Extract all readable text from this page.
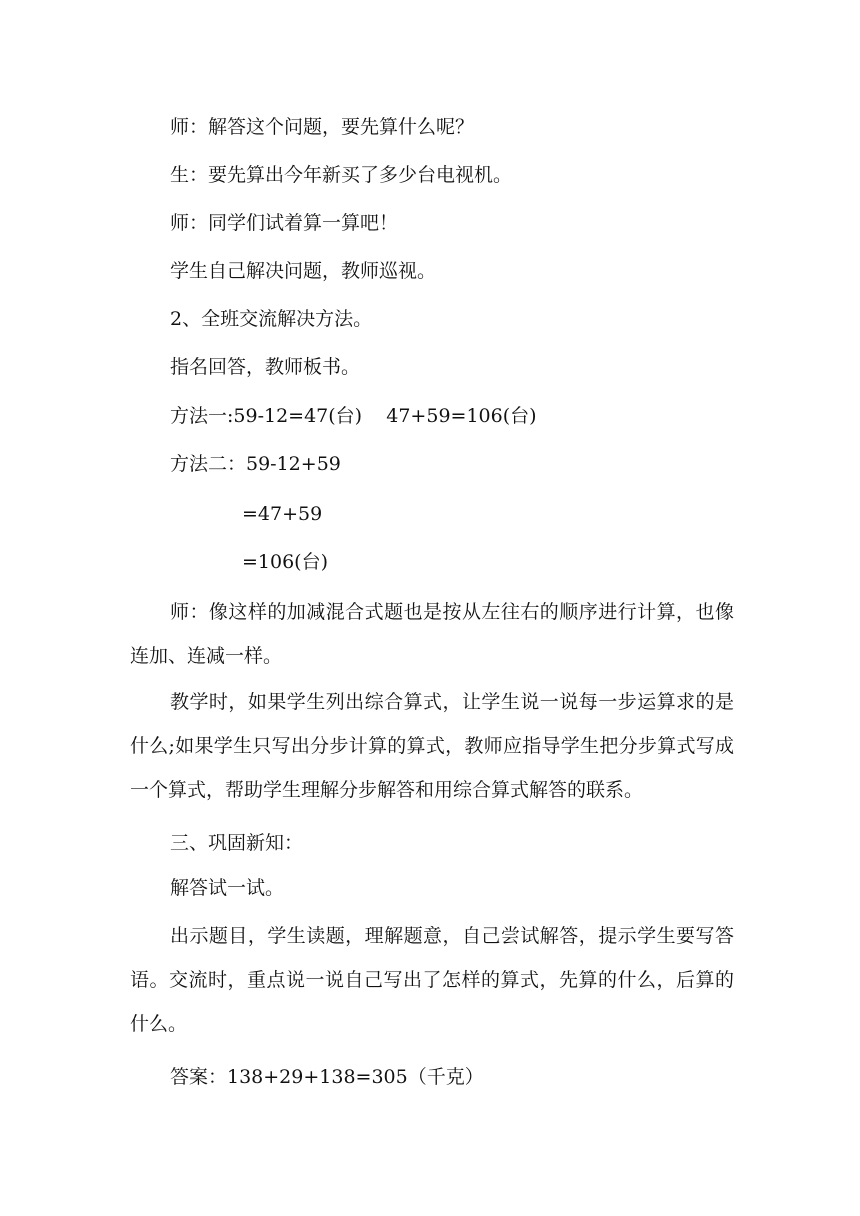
师：解答这个问题，要先算什么呢？
生：要先算出今年新买了多少台电视机。
师：同学们试着算一算吧！
学生自己解决问题，教师巡视。
2、全班交流解决方法。
指名回答，教师板书。
方法一:59-12=47(台)    47+59=106(台)
方法二：59-12+59
=47+59
=106(台)
师：像这样的加减混合式题也是按从左往右的顺序进行计算，也像连加、连减一样。
教学时，如果学生列出综合算式，让学生说一说每一步运算求的是什么;如果学生只写出分步计算的算式，教师应指导学生把分步算式写成一个算式，帮助学生理解分步解答和用综合算式解答的联系。
三、巩固新知：
解答试一试。
出示题目，学生读题，理解题意，自己尝试解答，提示学生要写答语。交流时，重点说一说自己写出了怎样的算式，先算的什么，后算的什么。
答案：138+29+138=305（千克）
